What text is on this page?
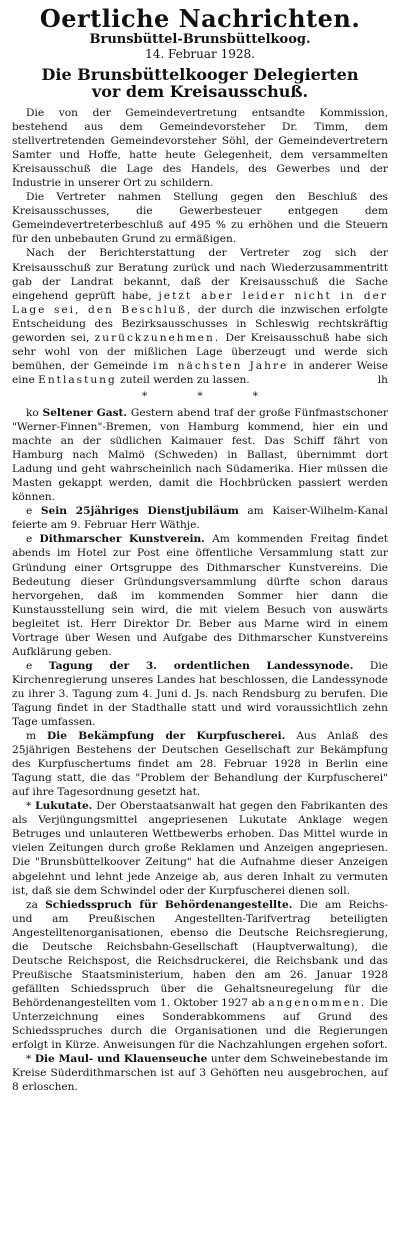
Oertliche Nachrichten.
Brunsbüttel-Brunsbüttelkoog.
14. Februar 1928.
Die Brunsbüttelkooger Delegierten
vor dem Kreisausschuß.

Die von der Gemeindevertretung entsandte Kommission, bestehend aus dem Gemeindevorsteher Dr. Timm, dem stellvertretenden Gemeindevorsteher Söhl, der Gemeindevertretern Samter und Hoffe, hatte heute Gelegenheit, dem versammelten Kreisausschuß die Lage des Handels, des Gewerbes und der Industrie in unserer Ort zu schildern.

Die Vertreter nahmen Stellung gegen den Beschluß des Kreisausschusses, die Gewerbesteuer entgegen dem Gemeindevertreterbeschluß auf 495 % zu erhöhen und die Steuern für den unbebauten Grund zu ermäßigen.

Nach der Berichterstattung der Vertreter zog sich der Kreisausschuß zur Beratung zurück und nach Wiederzusammentritt gab der Landrat bekannt, daß der Kreisausschuß die Sache eingehend geprüft habe, jetzt aber leider nicht in der Lage sei, den Beschluß, der durch die inzwischen erfolgte Entscheidung des Bezirksausschusses in Schleswig rechtskräftig geworden sei, zurückzunehmen. Der Kreisausschuß habe sich sehr wohl von der mißlichen Lage überzeugt und werde sich bemühen, der Gemeinde im nächsten Jahre in anderer Weise eine Entlastung zuteil werden zu lassen.	lh

*	*	*

ko Seltener Gast. Gestern abend traf der große Fünfmastschoner "Werner-Finnen"-Bremen, von Hamburg kommend, hier ein und machte an der südlichen Kaimauer fest. Das Schiff fährt von Hamburg nach Malmö (Schweden) in Ballast, übernimmt dort Ladung und geht wahrscheinlich nach Südamerika. Hier müssen die Masten gekappt werden, damit die Hochbrücken passiert werden können.

e Sein 25jähriges Dienstjubiläum am Kaiser-Wilhelm-Kanal feierte am 9. Februar Herr Wäthje.

e Dithmarscher Kunstverein. Am kommenden Freitag findet abends im Hotel zur Post eine öffentliche Versammlung statt zur Gründung einer Ortsgruppe des Dithmarscher Kunstvereins. Die Bedeutung dieser Gründungsversammlung dürfte schon daraus hervorgehen, daß im kommenden Sommer hier dann die Kunstausstellung sein wird, die mit vielem Besuch von auswärts begleitet ist. Herr Direktor Dr. Beber aus Marne wird in einem Vortrage über Wesen und Aufgabe des Dithmarscher Kunstvereins Aufklärung geben.

e Tagung der 3. ordentlichen Landessynode. Die Kirchenregierung unseres Landes hat beschlossen, die Landessynode zu ihrer 3. Tagung zum 4. Juni d. Js. nach Rendsburg zu berufen. Die Tagung findet in der Stadthalle statt und wird voraussichtlich zehn Tage umfassen.

m Die Bekämpfung der Kurpfuscherei. Aus Anlaß des 25jährigen Bestehens der Deutschen Gesellschaft zur Bekämpfung des Kurpfuschertums findet am 28. Februar 1928 in Berlin eine Tagung statt, die das "Problem der Behandlung der Kurpfuscherei" auf ihre Tagesordnung gesetzt hat.

* Lukutate. Der Oberstaatsanwalt hat gegen den Fabrikanten des als Verjüngungsmittel angepriesenen Lukutate Anklage wegen Betruges und unlauteren Wettbewerbs erhoben. Das Mittel wurde in vielen Zeitungen durch große Reklamen und Anzeigen angepriesen. Die "Brunsbüttelkoover Zeitung" hat die Aufnahme dieser Anzeigen abgelehnt und lehnt jede Anzeige ab, aus deren Inhalt zu vermuten ist, daß sie dem Schwindel oder der Kurpfuscherei dienen soll.

za Schiedsspruch für Behördenangestellte. Die am Reichs- und am Preußischen Angestellten-Tarifvertrag beteiligten Angestelltenorganisationen, ebenso die Deutsche Reichsregierung, die Deutsche Reichsbahn-Gesellschaft (Hauptverwaltung), die Deutsche Reichspost, die Reichsdruckerei, die Reichsbank und das Preußische Staatsministerium, haben den am 26. Januar 1928 gefällten Schiedsspruch über die Gehaltsneuregelung für die Behördenangestellten vom 1. Oktober 1927 ab angenommen. Die Unterzeichnung eines Sonderabkommens auf Grund des Schiedsspruches durch die Organisationen und die Regierungen erfolgt in Kürze. Anweisungen für die Nachzahlungen ergehen sofort.

* Die Maul- und Klauenseuche unter dem Schweinebestande im Kreise Süderdithmarschen ist auf 3 Gehöften neu ausgebrochen, auf 8 erloschen.
